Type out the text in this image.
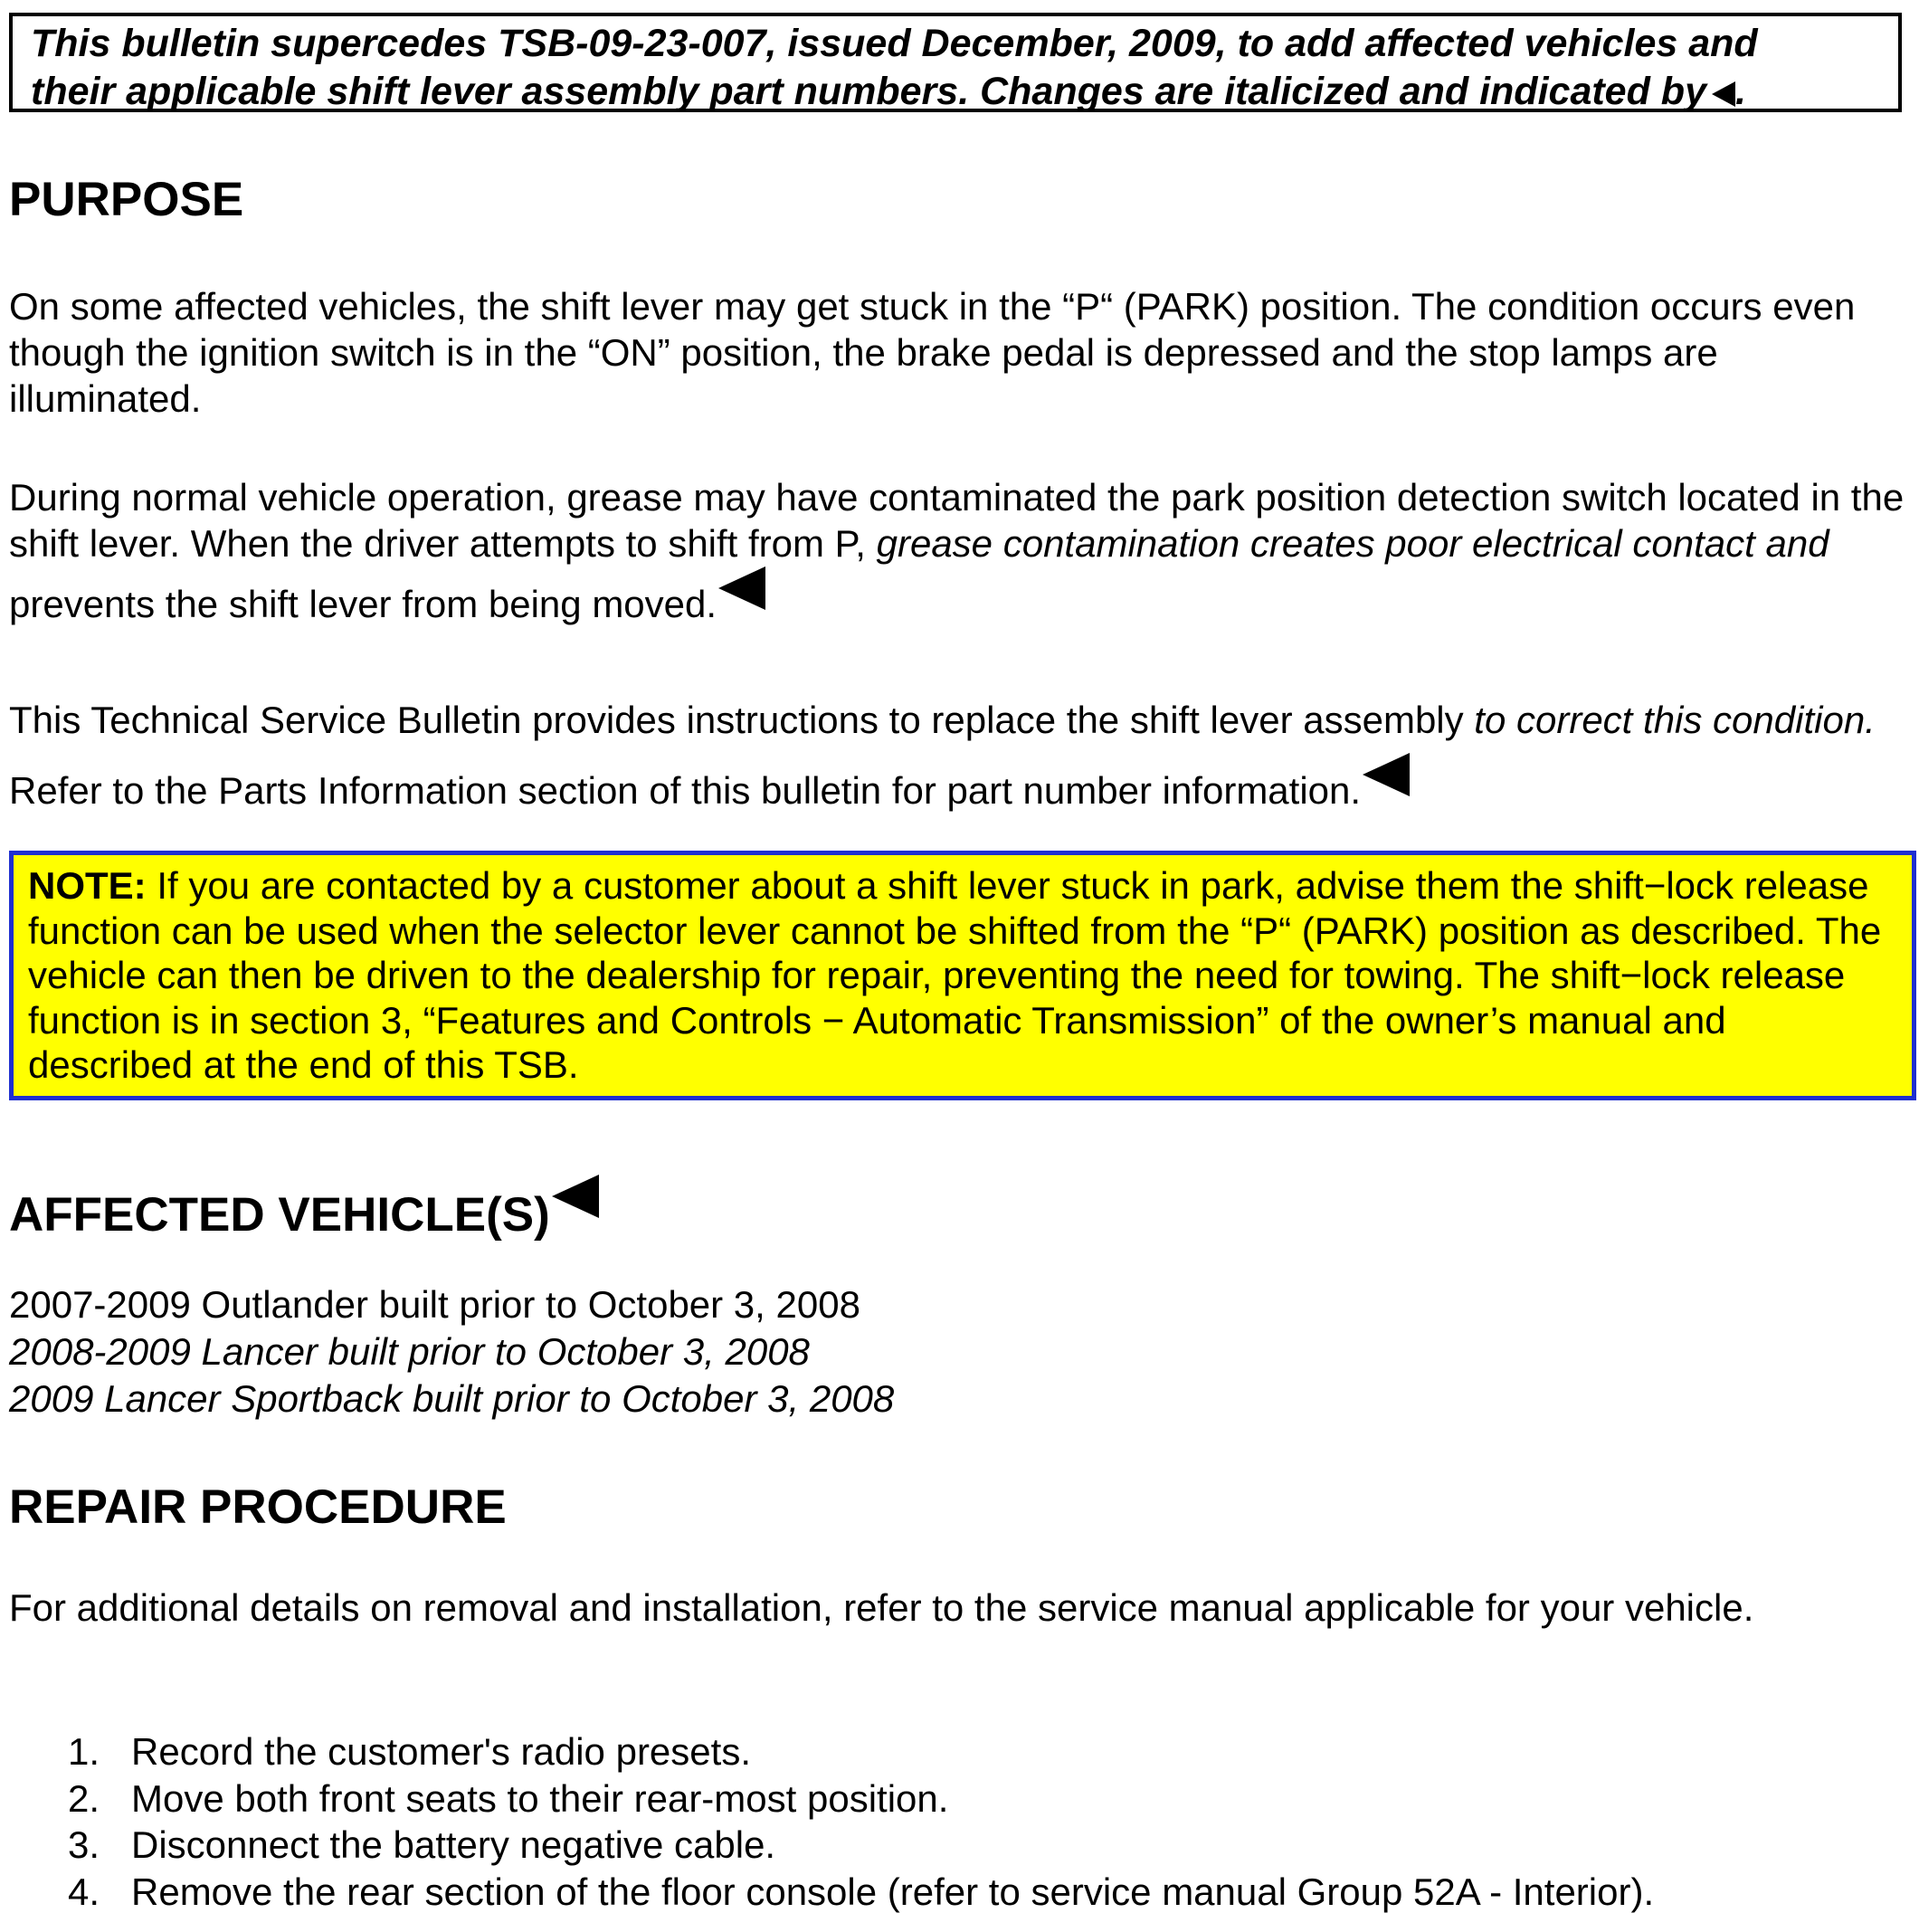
This bulletin supercedes TSB-09-23-007, issued December, 2009, to add affected vehicles and
their applicable shift lever assembly part numbers. Changes are italicized and indicated by .
PURPOSE

On some affected vehicles, the shift lever may get stuck in the “P“ (PARK) position. The condition occurs even though the ignition switch is in the “ON” position, the brake pedal is depressed and the stop lamps are illuminated.

During normal vehicle operation, grease may have contaminated the park position detection switch located in the shift lever. When the driver attempts to shift from P, grease contamination creates poor electrical contact and prevents the shift lever from being moved.

This Technical Service Bulletin provides instructions to replace the shift lever assembly to correct this condition. Refer to the Parts Information section of this bulletin for part number information.

NOTE: If you are contacted by a customer about a shift lever stuck in park, advise them the shift−lock release function can be used when the selector lever cannot be shifted from the “P“ (PARK) position as described. The vehicle can then be driven to the dealership for repair, preventing the need for towing. The shift−lock release function is in section 3, “Features and Controls − Automatic Transmission” of the owner’s manual and described at the end of this TSB.
AFFECTED VEHICLE(S)
2007-2009 Outlander built prior to October 3, 2008
2008-2009 Lancer built prior to October 3, 2008
2009 Lancer Sportback built prior to October 3, 2008
REPAIR PROCEDURE

For additional details on removal and installation, refer to the service manual applicable for your vehicle.

1. Record the customer's radio presets.
2. Move both front seats to their rear-most position.
3. Disconnect the battery negative cable.
4. Remove the rear section of the floor console (refer to service manual Group 52A - Interior).
